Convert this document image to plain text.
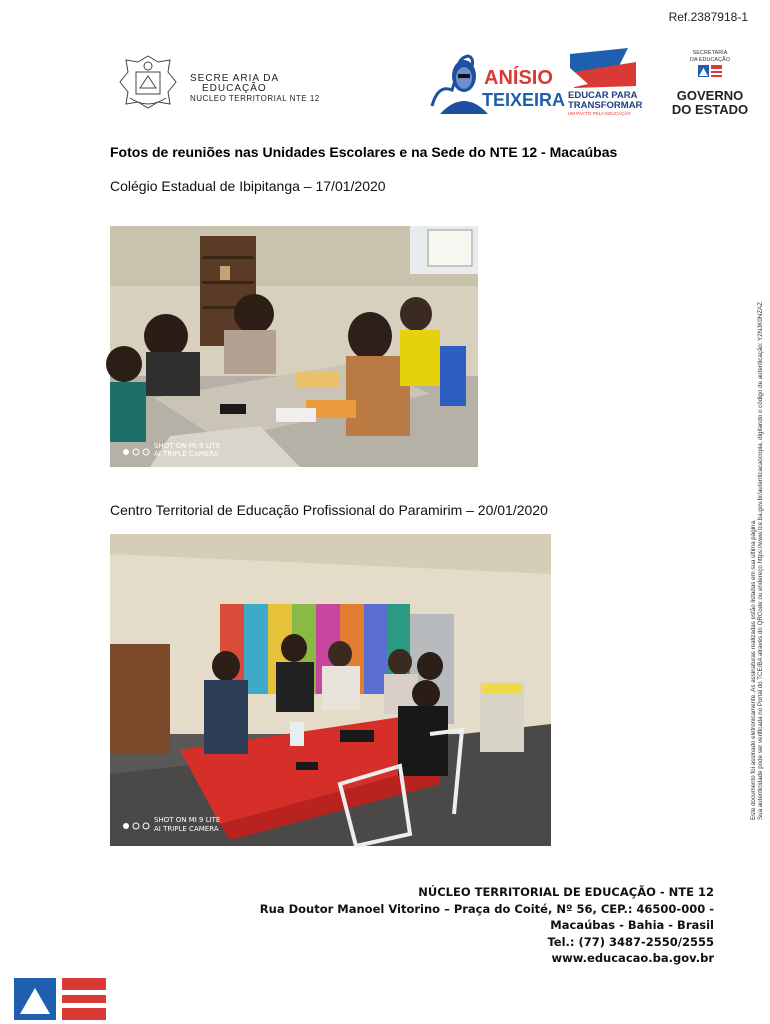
Ref.2387918-1
SECRE ARIA DA
EDUCAÇÃO
NUCLEO TERRITORIAL NTE 12
ANÍSIO
TEIXEIRA EDUCAR PARA
TRANSFORMAR
UM PACTO PELA EDUCAÇÃO
SECRETARIA
DA EDUCAÇÃO
GOVERNO
DO ESTADO
Fotos de reuniões nas Unidades Escolares e na Sede do NTE 12 - Macaúbas
Colégio Estadual de Ibipitanga – 17/01/2020
SHOT ON MI 9 LITE
AI TRIPLE CAMERA
Centro Territorial de Educação Profissional do Paramirim – 20/01/2020
SHOT ON MI 9 LITE
AI TRIPLE CAMERA
Este documento foi assinado eletronicamente. As assinaturas realizadas estão listadas em sua última página. Sua autenticidade pode ser verificada no Portal do TCE/BA através do QRCode ou endereço https://www.tce.ba.gov.br/autenticacaocopia, digitando o código de autenticação: Y2NJK0NZAZ
NÚCLEO TERRITORIAL DE EDUCAÇÃO - NTE 12
Rua Doutor Manoel Vitorino – Praça do Coité, Nº 56, CEP.: 46500-000 -
Macaúbas - Bahia - Brasil
Tel.: (77) 3487-2550/2555
www.educacao.ba.gov.br
